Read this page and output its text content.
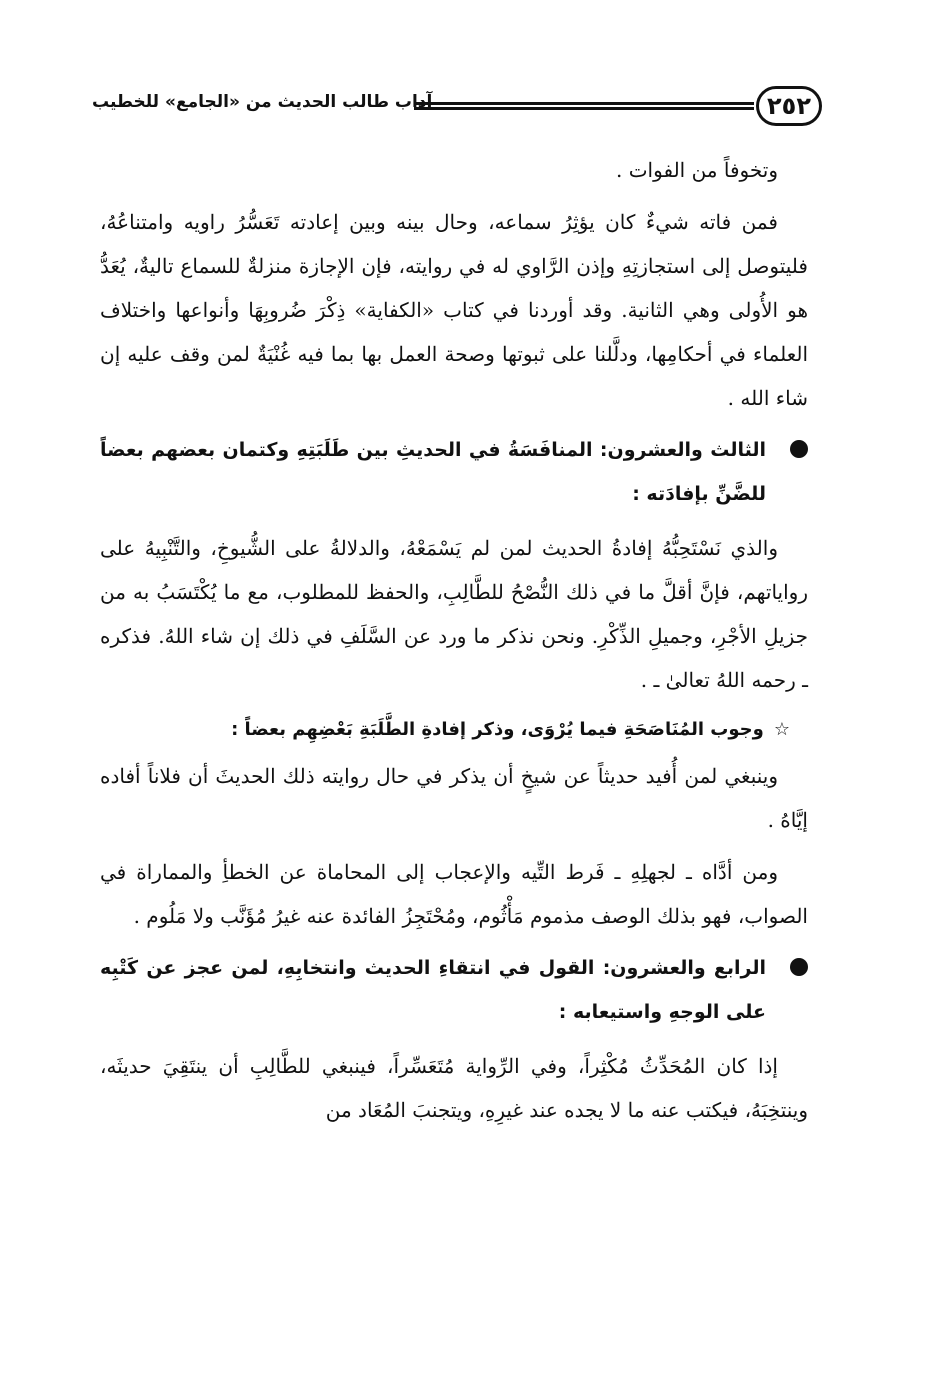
٢٥٢
آداب طالب الحديث من «الجامع» للخطيب

وتخوفاً من الفوات .

فمن فاته شيءٌ كان يؤثِرُ سماعه، وحال بينه وبين إعادته تَعَسُّرُ راويه وامتناعُهُ، فليتوصل إلى استجازتِهِ وإذن الرَّاوي له في روايته، فإن الإجازة منزلةٌ للسماع تاليةٌ، يُعَدُّ هو الأُولى وهي الثانية. وقد أوردنا في كتاب «الكفاية» ذِكْرَ ضُروبِهَا وأنواعها واختلاف العلماء في أحكامِها، ودلَّلنا على ثبوتها وصحة العمل بها بما فيه غُنْيَةٌ لمن وقف عليه إن شاء الله .

الثالث والعشرون: المنافَسَةُ في الحديثِ بين طَلَبَتِهِ وكتمان بعضهم بعضاً للضَّنِّ بإفادَته :

والذي نَسْتَحِبُّهُ إفادةُ الحديث لمن لم يَسْمَعْهُ، والدلالةُ على الشُّيوخِ، والتَّنْبِيهُ على رواياتهم، فإنَّ أقلَّ ما في ذلك النُّصْحُ للطَّالِبِ، والحفظ للمطلوب، مع ما يُكْتَسَبُ به من جزيلِ الأجْرِ، وجميلِ الذِّكْرِ. ونحن نذكر ما ورد عن السَّلَفِ في ذلك إن شاء اللهُ. فذكره ـ رحمه اللهُ تعالىٰ ـ .

☆وجوب المُنَاصَحَةِ فيما يُرْوَى، وذكر إفادةِ الطَّلَبَةِ بَعْضِهِم بعضاً :

وينبغي لمن أُفيد حديثاً عن شيخٍ أن يذكر في حال روايته ذلك الحديثَ أن فلاناً أفاده إيَّاهُ .

ومن أدَّاه ـ لجهلِهِ ـ فَرط التِّيه والإعجاب إلى المحاماة عن الخطأِ والمماراة في الصواب، فهو بذلك الوصف مذموم مَأْثُوم، ومُحْتَجِزُ الفائدة عنه غيرُ مُؤَنَّب ولا مَلُوم .

الرابع والعشرون: القول في انتقاءِ الحديث وانتخابِهِ، لمن عجز عن كَتْبِه على الوجهِ واستيعابه :

إذا كان المُحَدِّثُ مُكْثِراً، وفي الرِّواية مُتَعَسِّراً، فينبغي للطَّالِبِ أن ينتَقِيَ حديثَه، وينتخِبَهُ، فيكتب عنه ما لا يجده عند غيرِهِ، ويتجنبَ المُعَاد من
